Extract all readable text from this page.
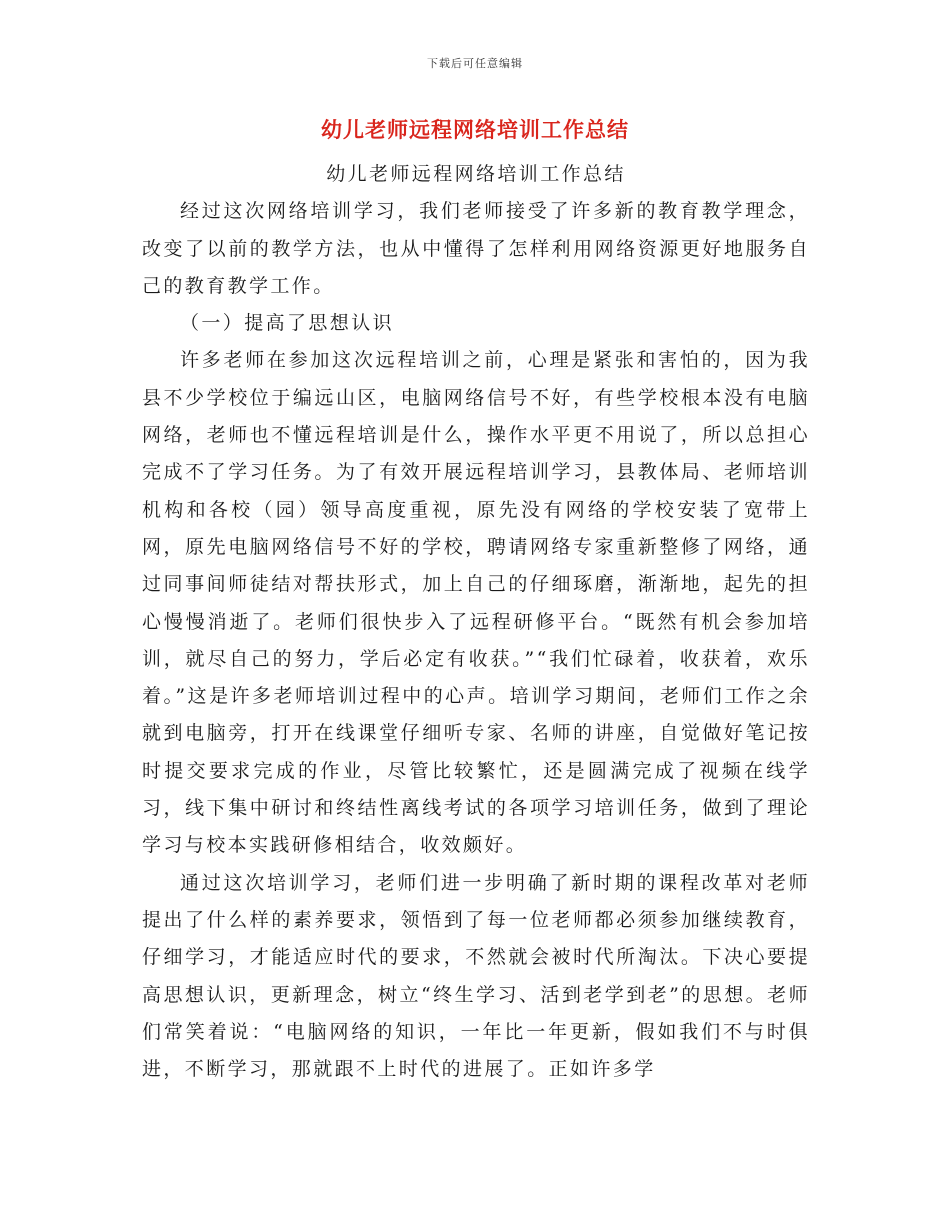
下载后可任意编辑
幼儿老师远程网络培训工作总结

幼儿老师远程网络培训工作总结

经过这次网络培训学习，我们老师接受了许多新的教育教学理念，改变了以前的教学方法，也从中懂得了怎样利用网络资源更好地服务自己的教育教学工作。

（一）提高了思想认识

许多老师在参加这次远程培训之前，心理是紧张和害怕的，因为我县不少学校位于编远山区，电脑网络信号不好，有些学校根本没有电脑网络，老师也不懂远程培训是什么，操作水平更不用说了，所以总担心完成不了学习任务。为了有效开展远程培训学习，县教体局、老师培训机构和各校（园）领导高度重视，原先没有网络的学校安装了宽带上网，原先电脑网络信号不好的学校，聘请网络专家重新整修了网络，通过同事间师徒结对帮扶形式，加上自己的仔细琢磨，渐渐地，起先的担心慢慢消逝了。老师们很快步入了远程研修平台。“既然有机会参加培训，就尽自己的努力，学后必定有收获。”“我们忙碌着，收获着，欢乐着。”这是许多老师培训过程中的心声。培训学习期间，老师们工作之余就到电脑旁，打开在线课堂仔细听专家、名师的讲座，自觉做好笔记按时提交要求完成的作业，尽管比较繁忙，还是圆满完成了视频在线学习，线下集中研讨和终结性离线考试的各项学习培训任务，做到了理论学习与校本实践研修相结合，收效颇好。

通过这次培训学习，老师们进一步明确了新时期的课程改革对老师提出了什么样的素养要求，领悟到了每一位老师都必须参加继续教育，仔细学习，才能适应时代的要求，不然就会被时代所淘汰。下决心要提高思想认识，更新理念，树立“终生学习、活到老学到老”的思想。老师们常笑着说：“电脑网络的知识，一年比一年更新，假如我们不与时俱进，不断学习，那就跟不上时代的进展了。正如许多学
